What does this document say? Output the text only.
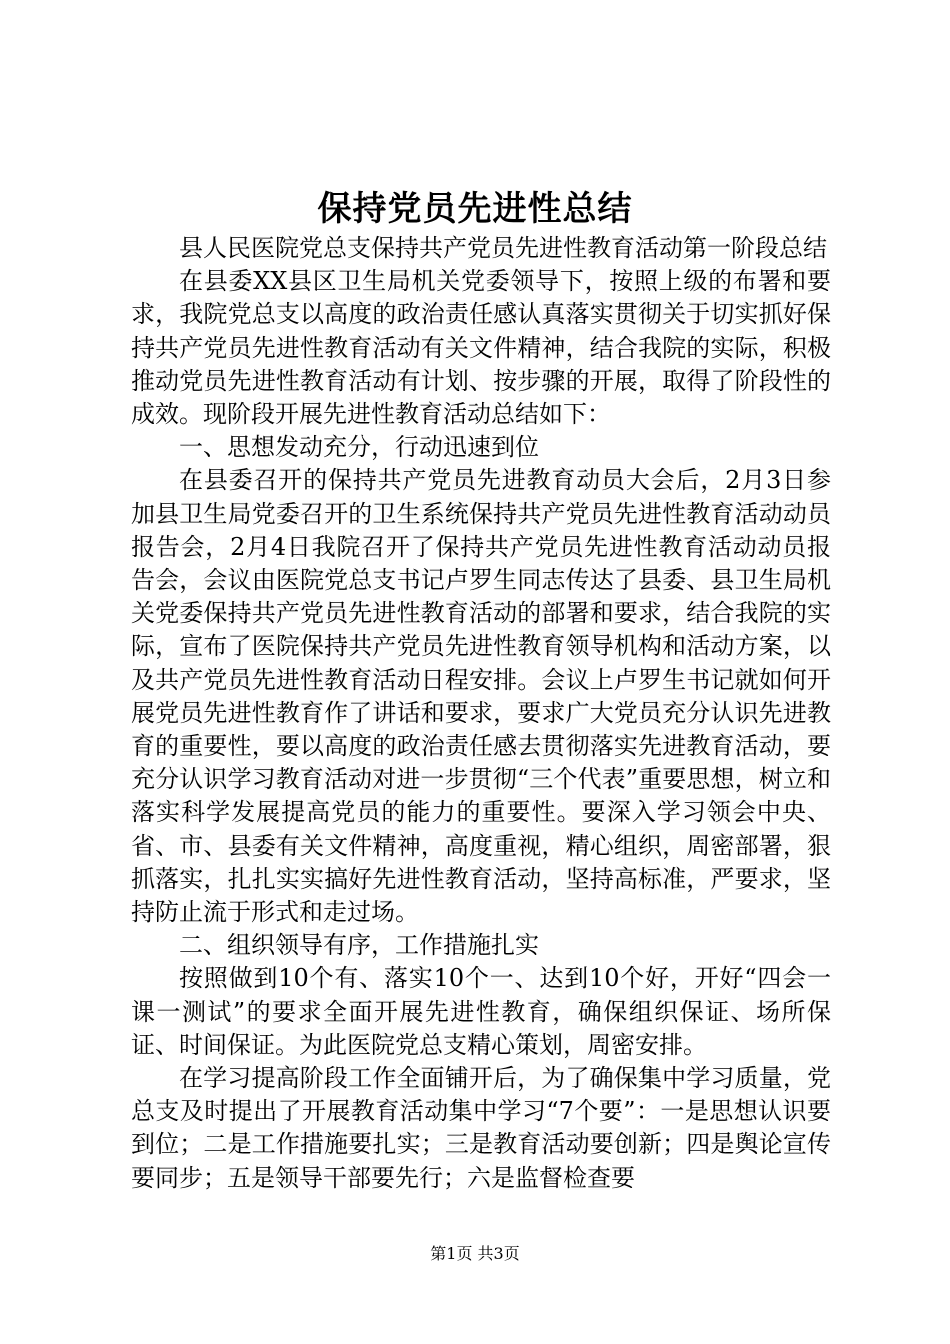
保持党员先进性总结

县人民医院党总支保持共产党员先进性教育活动第一阶段总结

在县委XX县区卫生局机关党委领导下，按照上级的布署和要求，我院党总支以高度的政治责任感认真落实贯彻关于切实抓好保持共产党员先进性教育活动有关文件精神，结合我院的实际，积极推动党员先进性教育活动有计划、按步骤的开展，取得了阶段性的成效。现阶段开展先进性教育活动总结如下：

一、思想发动充分，行动迅速到位

在县委召开的保持共产党员先进教育动员大会后，2月3日参加县卫生局党委召开的卫生系统保持共产党员先进性教育活动动员报告会，2月4日我院召开了保持共产党员先进性教育活动动员报告会，会议由医院党总支书记卢罗生同志传达了县委、县卫生局机关党委保持共产党员先进性教育活动的部署和要求，结合我院的实际，宣布了医院保持共产党员先进性教育领导机构和活动方案，以及共产党员先进性教育活动日程安排。会议上卢罗生书记就如何开展党员先进性教育作了讲话和要求，要求广大党员充分认识先进教育的重要性，要以高度的政治责任感去贯彻落实先进教育活动，要充分认识学习教育活动对进一步贯彻“三个代表”重要思想，树立和落实科学发展提高党员的能力的重要性。要深入学习领会中央、省、市、县委有关文件精神，高度重视，精心组织，周密部署，狠抓落实，扎扎实实搞好先进性教育活动，坚持高标准，严要求，坚持防止流于形式和走过场。

二、组织领导有序，工作措施扎实

按照做到10个有、落实10个一、达到10个好，开好“四会一课一测试”的要求全面开展先进性教育，确保组织保证、场所保证、时间保证。为此医院党总支精心策划，周密安排。

在学习提高阶段工作全面铺开后，为了确保集中学习质量，党总支及时提出了开展教育活动集中学习“7个要”：一是思想认识要到位；二是工作措施要扎实；三是教育活动要创新；四是舆论宣传要同步；五是领导干部要先行；六是监督检查要

第1页 共3页
